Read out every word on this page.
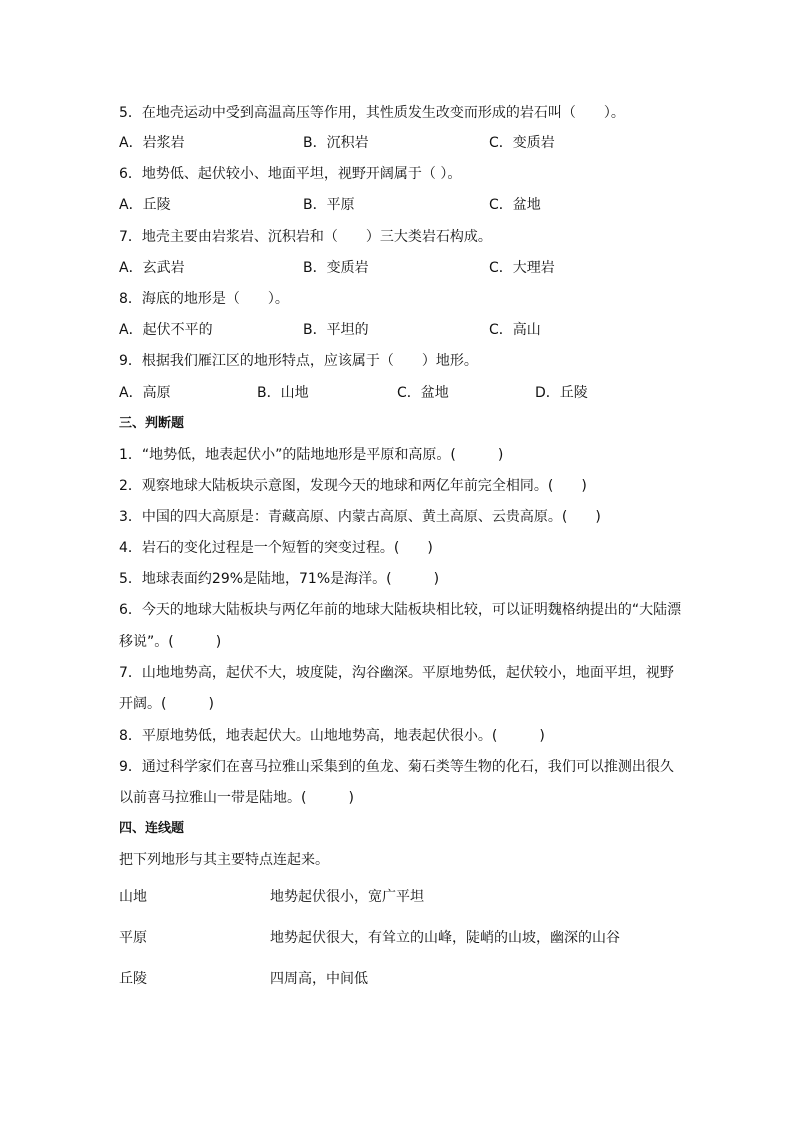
5．在地壳运动中受到高温高压等作用，其性质发生改变而形成的岩石叫（　　）。
A．岩浆岩	B．沉积岩	C．变质岩
6．地势低、起伏较小、地面平坦，视野开阔属于（ ）。
A．丘陵	B．平原	C．盆地
7．地壳主要由岩浆岩、沉积岩和（　　）三大类岩石构成。
A．玄武岩	B．变质岩	C．大理岩
8．海底的地形是（　　）。
A．起伏不平的	B．平坦的	C．高山
9．根据我们雁江区的地形特点，应该属于（　　）地形。
A．高原	B．山地	C．盆地	D．丘陵
三、判断题
1．“地势低，地表起伏小”的陆地地形是平原和高原。(　　　)
2．观察地球大陆板块示意图，发现今天的地球和两亿年前完全相同。(　　)
3．中国的四大高原是：青藏高原、内蒙古高原、黄土高原、云贵高原。(　　)
4．岩石的变化过程是一个短暂的突变过程。(　　)
5．地球表面约29%是陆地，71%是海洋。(　　　)
6．今天的地球大陆板块与两亿年前的地球大陆板块相比较，可以证明魏格纳提出的“大陆漂
移说”。(　　　)
7．山地地势高，起伏不大，坡度陡，沟谷幽深。平原地势低，起伏较小，地面平坦，视野
开阔。(　　　)
8．平原地势低，地表起伏大。山地地势高，地表起伏很小。(　　　)
9．通过科学家们在喜马拉雅山采集到的鱼龙、菊石类等生物的化石，我们可以推测出很久
以前喜马拉雅山一带是陆地。(　　　)
四、连线题
把下列地形与其主要特点连起来。
山地	地势起伏很小，宽广平坦
平原	地势起伏很大，有耸立的山峰，陡峭的山坡，幽深的山谷
丘陵	四周高，中间低
